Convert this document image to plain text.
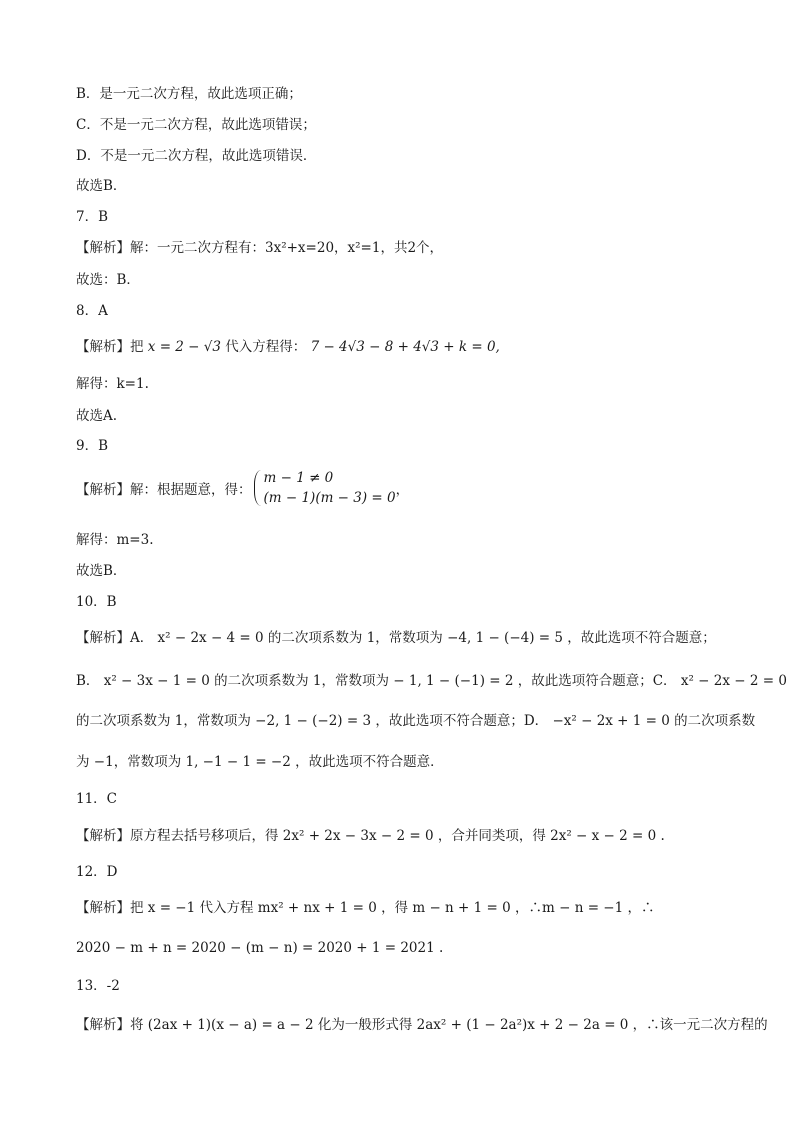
B．是一元二次方程，故此选项正确；
C．不是一元二次方程，故此选项错误；
D．不是一元二次方程，故此选项错误．
故选B．
7．B
【解析】解：一元二次方程有：3x²+x=20，x²=1，共2个，
故选：B．
8．A
【解析】把 x = 2 − √3 代入方程得： 7 − 4√3 − 8 + 4√3 + k = 0,
解得：k=1.
故选A.
9．B
【解析】 解：根据题意，得：
m − 1 ≠ 0
(m − 1)(m − 3) = 0 ，
解得：m=3.
故选B．
10．B
【解析】A． x² − 2x − 4 = 0 的二次项系数为 1，常数项为 −4, 1 − (−4) = 5 ，故此选项不符合题意；
B． x² − 3x − 1 = 0 的二次项系数为 1，常数项为 − 1, 1 − (−1) = 2 ，故此选项符合题意；C． x² − 2x − 2 = 0
的二次项系数为 1，常数项为 −2, 1 − (−2) = 3 ，故此选项不符合题意；D． −x² − 2x + 1 = 0 的二次项系数
为 −1，常数项为 1, −1 − 1 = −2 ，故此选项不符合题意．
11．C
【解析】原方程去括号移项后，得 2x² + 2x − 3x − 2 = 0 ，合并同类项，得 2x² − x − 2 = 0 .
12．D
【解析】把 x = −1 代入方程 mx² + nx + 1 = 0 ，得 m − n + 1 = 0 ，∴m − n = −1 ，∴
2020 − m + n = 2020 − (m − n) = 2020 + 1 = 2021 .
13．-2
【解析】将 (2ax + 1)(x − a) = a − 2 化为一般形式得 2ax² + (1 − 2a²)x + 2 − 2a = 0 ，∴该一元二次方程的
